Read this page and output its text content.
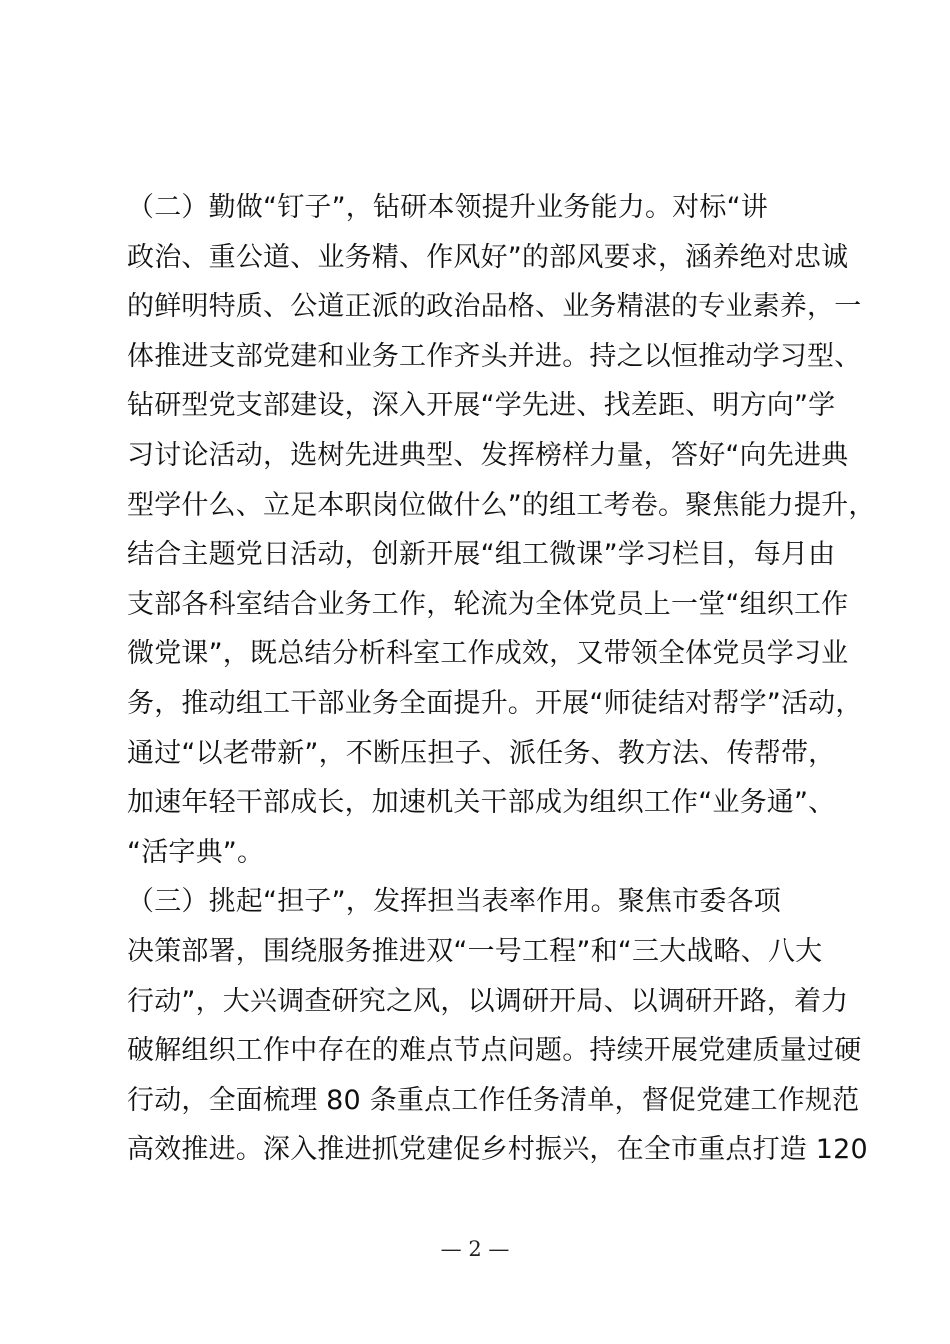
（二）勤做“钉子”，钻研本领提升业务能力。对标“讲
政治、重公道、业务精、作风好”的部风要求，涵养绝对忠诚
的鲜明特质、公道正派的政治品格、业务精湛的专业素养，一
体推进支部党建和业务工作齐头并进。持之以恒推动学习型、
钻研型党支部建设，深入开展“学先进、找差距、明方向”学
习讨论活动，选树先进典型、发挥榜样力量，答好“向先进典
型学什么、立足本职岗位做什么”的组工考卷。聚焦能力提升，
结合主题党日活动，创新开展“组工微课”学习栏目，每月由
支部各科室结合业务工作，轮流为全体党员上一堂“组织工作
微党课”，既总结分析科室工作成效，又带领全体党员学习业
务，推动组工干部业务全面提升。开展“师徒结对帮学”活动，
通过“以老带新”，不断压担子、派任务、教方法、传帮带，
加速年轻干部成长，加速机关干部成为组织工作“业务通”、
“活字典”。
（三）挑起“担子”，发挥担当表率作用。聚焦市委各项
决策部署，围绕服务推进双“一号工程”和“三大战略、八大
行动”，大兴调查研究之风，以调研开局、以调研开路，着力
破解组织工作中存在的难点节点问题。持续开展党建质量过硬
行动，全面梳理 80 条重点工作任务清单，督促党建工作规范
高效推进。深入推进抓党建促乡村振兴，在全市重点打造 120
— 2 —
